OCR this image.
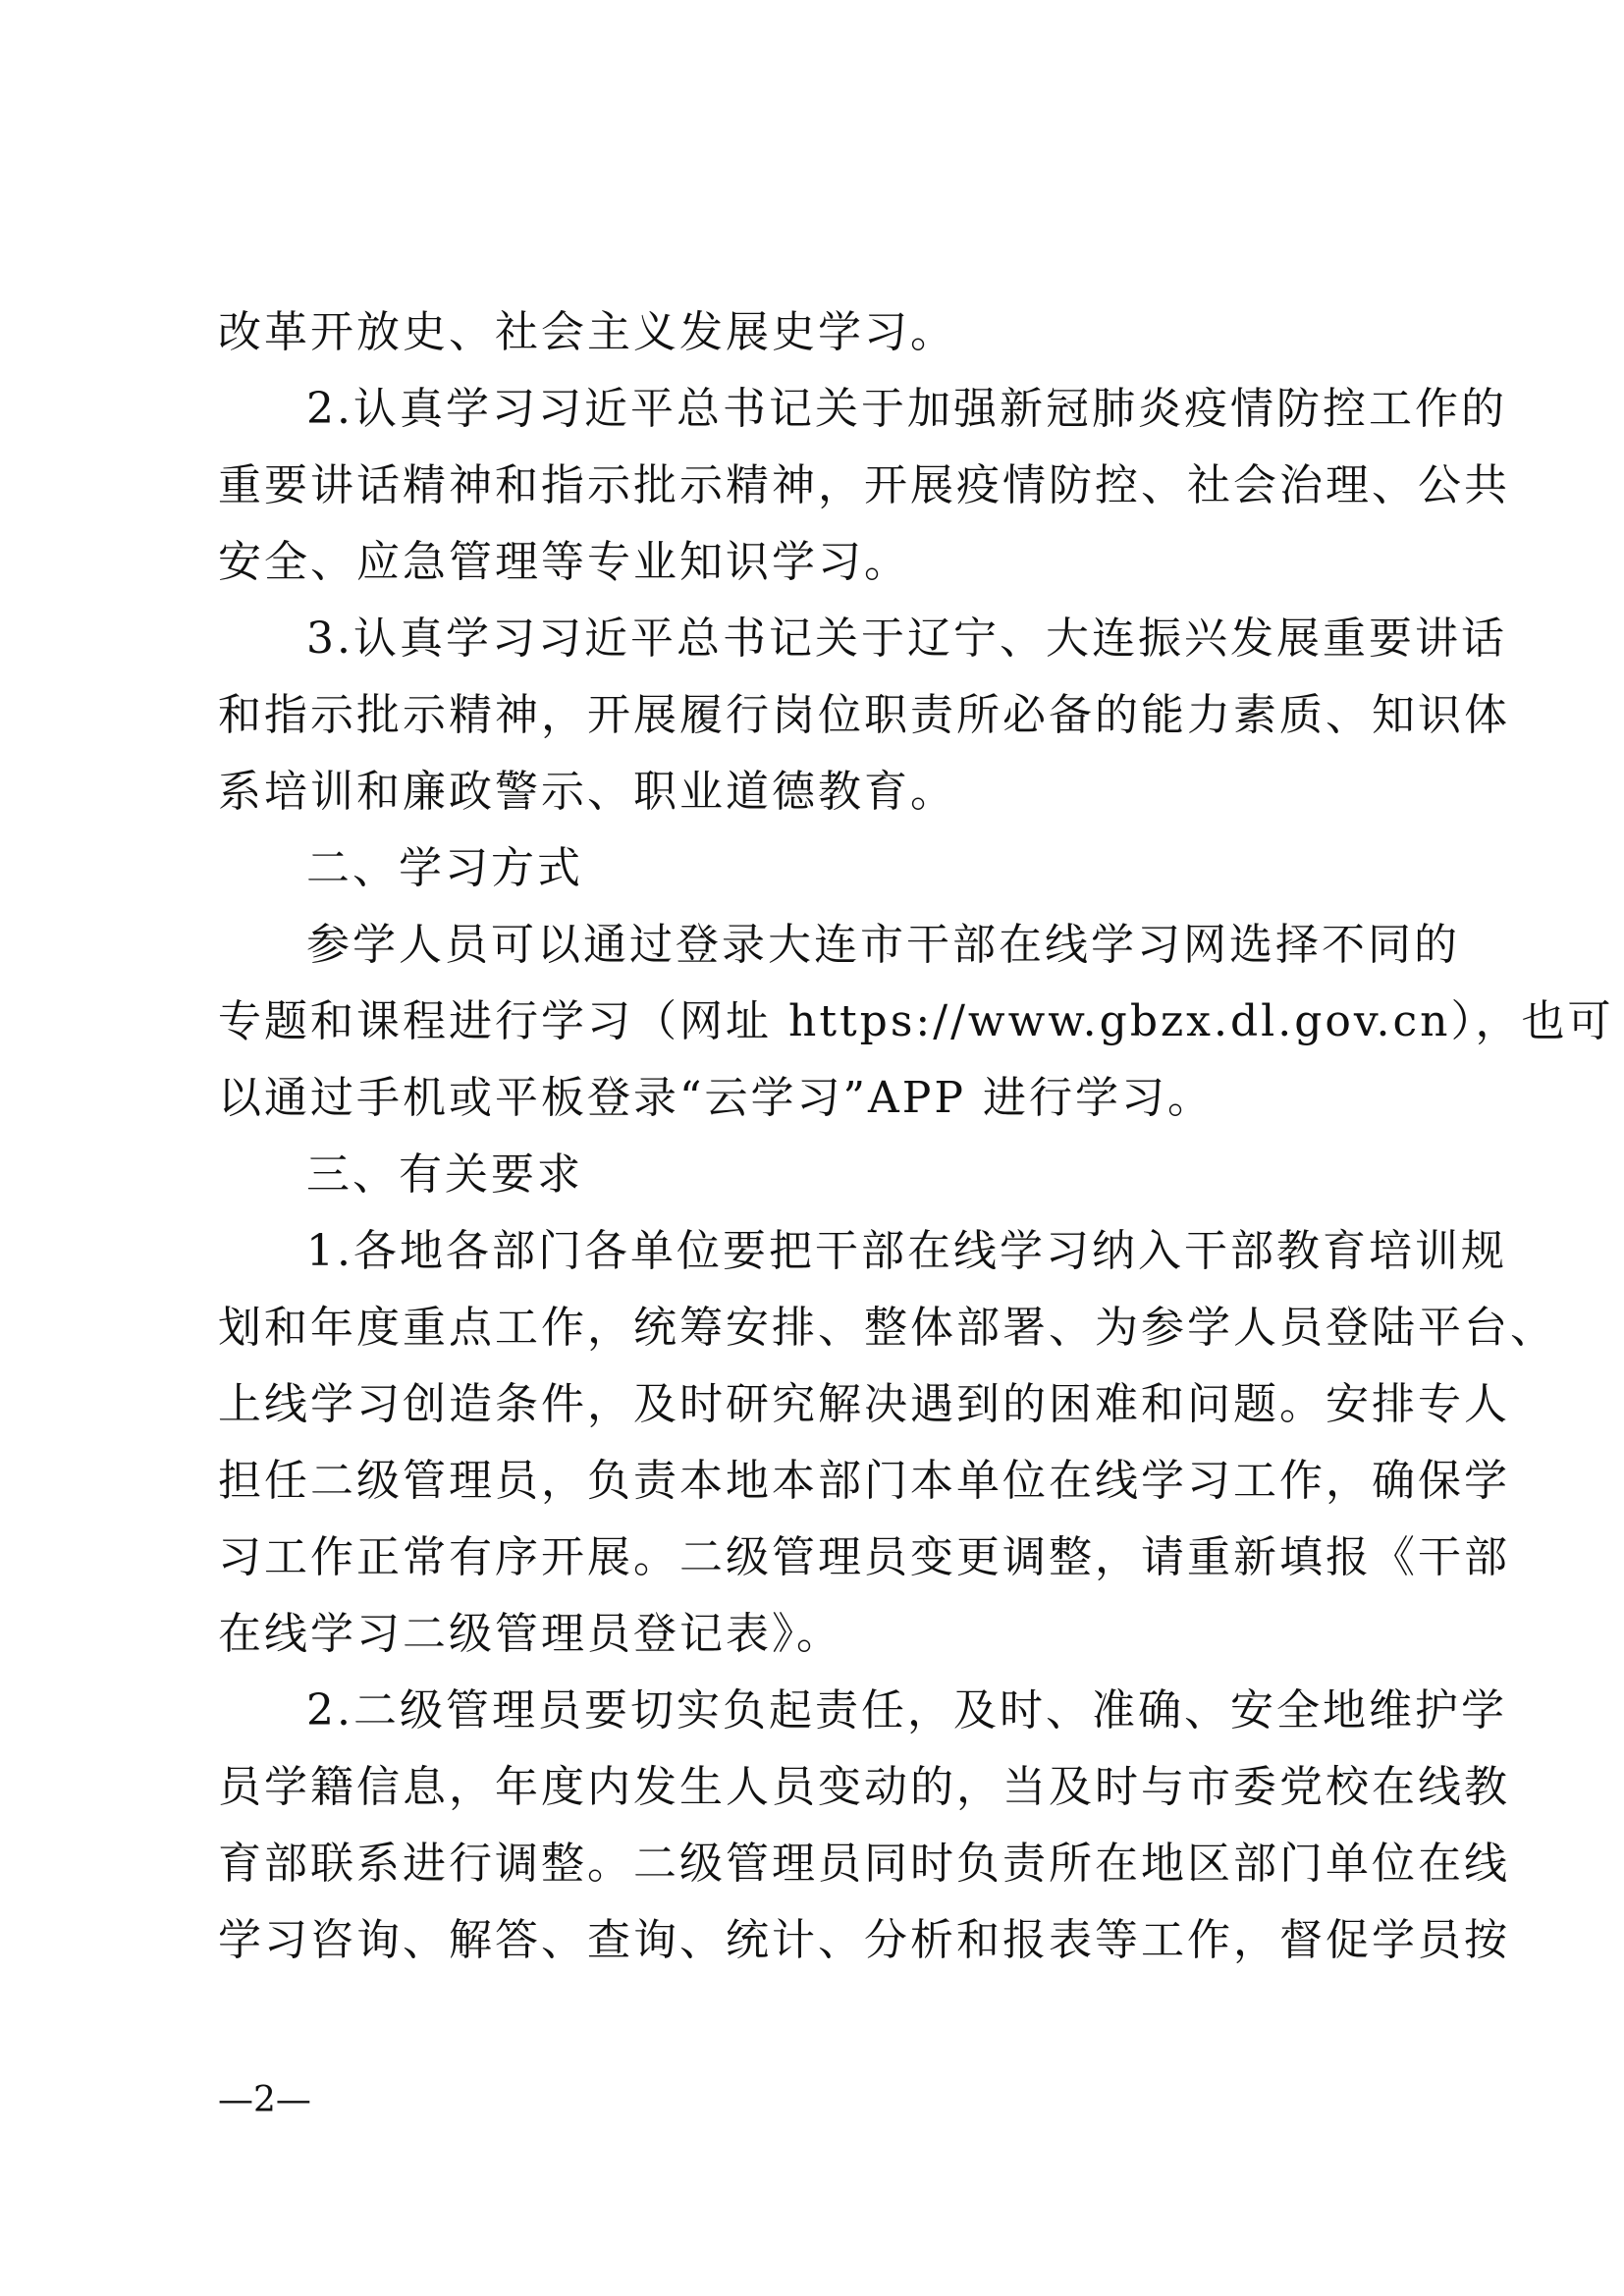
改革开放史、社会主义发展史学习。
2.认真学习习近平总书记关于加强新冠肺炎疫情防控工作的
重要讲话精神和指示批示精神，开展疫情防控、社会治理、公共
安全、应急管理等专业知识学习。
3.认真学习习近平总书记关于辽宁、大连振兴发展重要讲话
和指示批示精神，开展履行岗位职责所必备的能力素质、知识体
系培训和廉政警示、职业道德教育。
二、学习方式
参学人员可以通过登录大连市干部在线学习网选择不同的
专题和课程进行学习（网址 https://www.gbzx.dl.gov.cn），也可
以通过手机或平板登录“云学习”APP 进行学习。
三、有关要求
1.各地各部门各单位要把干部在线学习纳入干部教育培训规
划和年度重点工作，统筹安排、整体部署、为参学人员登陆平台、
上线学习创造条件，及时研究解决遇到的困难和问题。安排专人
担任二级管理员，负责本地本部门本单位在线学习工作，确保学
习工作正常有序开展。二级管理员变更调整，请重新填报《干部
在线学习二级管理员登记表》。
2.二级管理员要切实负起责任，及时、准确、安全地维护学
员学籍信息，年度内发生人员变动的，当及时与市委党校在线教
育部联系进行调整。二级管理员同时负责所在地区部门单位在线
学习咨询、解答、查询、统计、分析和报表等工作，督促学员按
—2—
